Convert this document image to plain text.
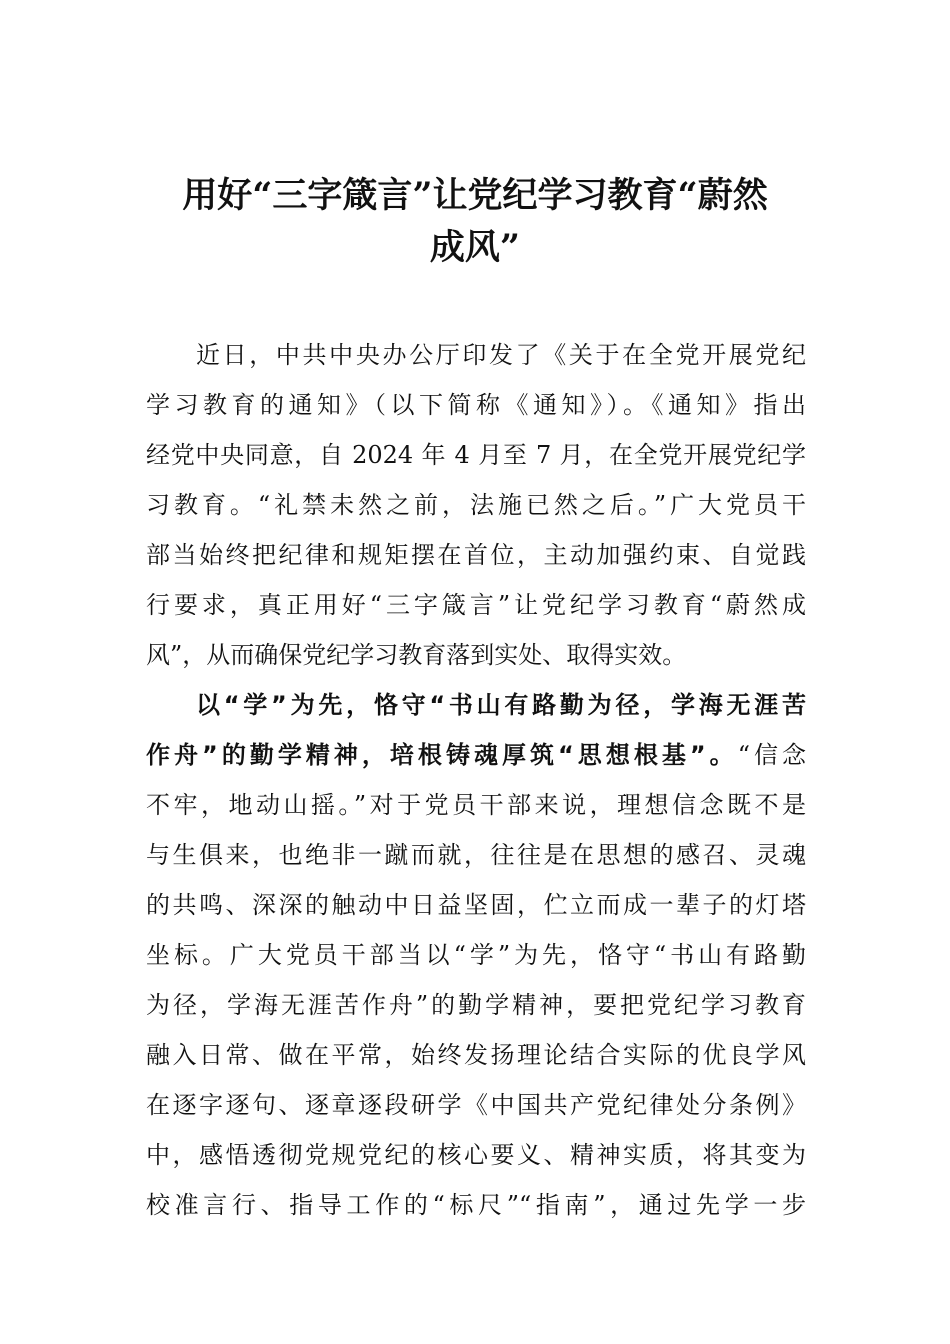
用好“三字箴言”让党纪学习教育“蔚然
成风”
近日，中共中央办公厅印发了《关于在全党开展党纪
学习教育的通知》（以下简称《通知》）。《通知》指出
经党中央同意，自 2024 年 4 月至 7 月，在全党开展党纪学
习教育。“礼禁未然之前，法施已然之后。”广大党员干
部当始终把纪律和规矩摆在首位，主动加强约束、自觉践
行要求，真正用好“三字箴言”让党纪学习教育“蔚然成
风”，从而确保党纪学习教育落到实处、取得实效。
以“学”为先，恪守“书山有路勤为径，学海无涯苦
作舟”的勤学精神，培根铸魂厚筑“思想根基”。“信念
不牢，地动山摇。”对于党员干部来说，理想信念既不是
与生俱来，也绝非一蹴而就，往往是在思想的感召、灵魂
的共鸣、深深的触动中日益坚固，伫立而成一辈子的灯塔
坐标。广大党员干部当以“学”为先，恪守“书山有路勤
为径，学海无涯苦作舟”的勤学精神，要把党纪学习教育
融入日常、做在平常，始终发扬理论结合实际的优良学风
在逐字逐句、逐章逐段研学《中国共产党纪律处分条例》
中，感悟透彻党规党纪的核心要义、精神实质，将其变为
校准言行、指导工作的“标尺”“指南”，通过先学一步
